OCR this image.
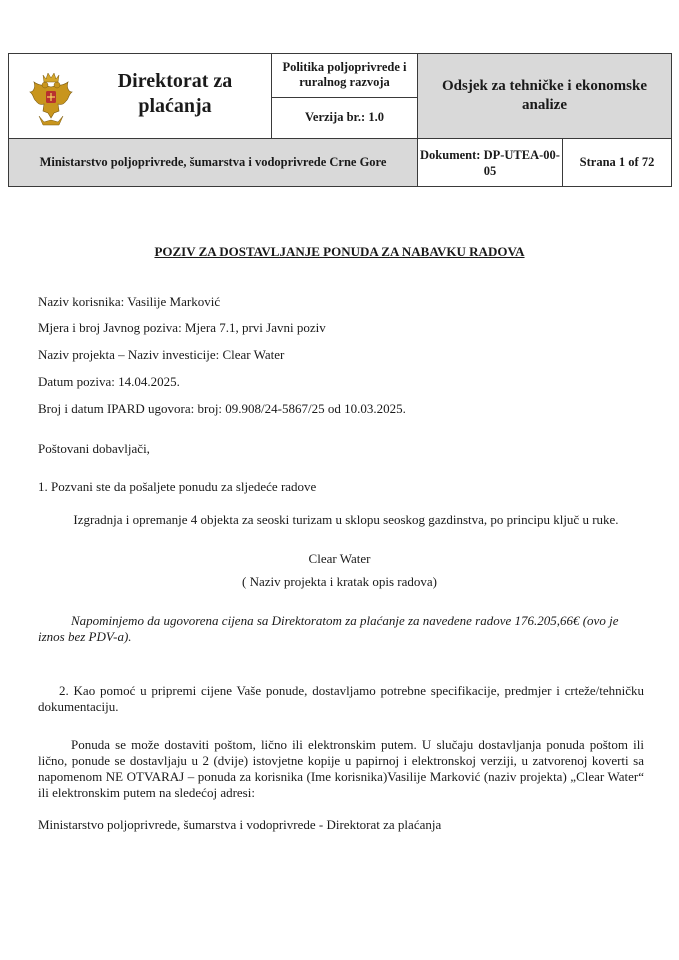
Direktorat za plaćanja	Politika poljoprivrede i ruralnog razvoja	Odsjek za tehničke i ekonomske analize	
	Verzija br.: 1.0		
Ministarstvo poljoprivrede, šumarstva i vodoprivrede Crne Gore		Dokument: DP-UTEA-00-05	Strana 1 of 72
POZIV ZA DOSTAVLJANJE PONUDA ZA NABAVKU RADOVA
Naziv korisnika: Vasilije Marković
Mjera i broj Javnog poziva: Mjera 7.1, prvi Javni poziv
Naziv projekta – Naziv investicije: Clear Water
Datum poziva: 14.04.2025.
Broj i datum IPARD ugovora: broj: 09.908/24-5867/25 od 10.03.2025.
Poštovani dobavljači,
1. Pozvani ste da pošaljete ponudu za sljedeće radove
Izgradnja i opremanje 4 objekta za seoski turizam u sklopu seoskog gazdinstva, po principu ključ u ruke.
Clear Water
( Naziv projekta i kratak opis radova)
Napominjemo da ugovorena cijena sa Direktoratom za plaćanje za navedene radove 176.205,66€ (ovo je iznos bez PDV-a).
2. Kao pomoć u pripremi cijene Vaše ponude, dostavljamo potrebne specifikacije, predmjer i crteže/tehničku dokumentaciju.
Ponuda se može dostaviti poštom, lično ili elektronskim putem. U slučaju dostavljanja ponuda poštom ili lično, ponude se dostavljaju u 2 (dvije) istovjetne kopije u papirnoj i elektronskoj verziji, u zatvorenoj koverti sa napomenom NE OTVARAJ – ponuda za korisnika (Ime korisnika)Vasilije Marković (naziv projekta) „Clear Water“ ili elektronskim putem na sledećoj adresi:
Ministarstvo poljoprivrede, šumarstva i vodoprivrede - Direktorat za plaćanja
